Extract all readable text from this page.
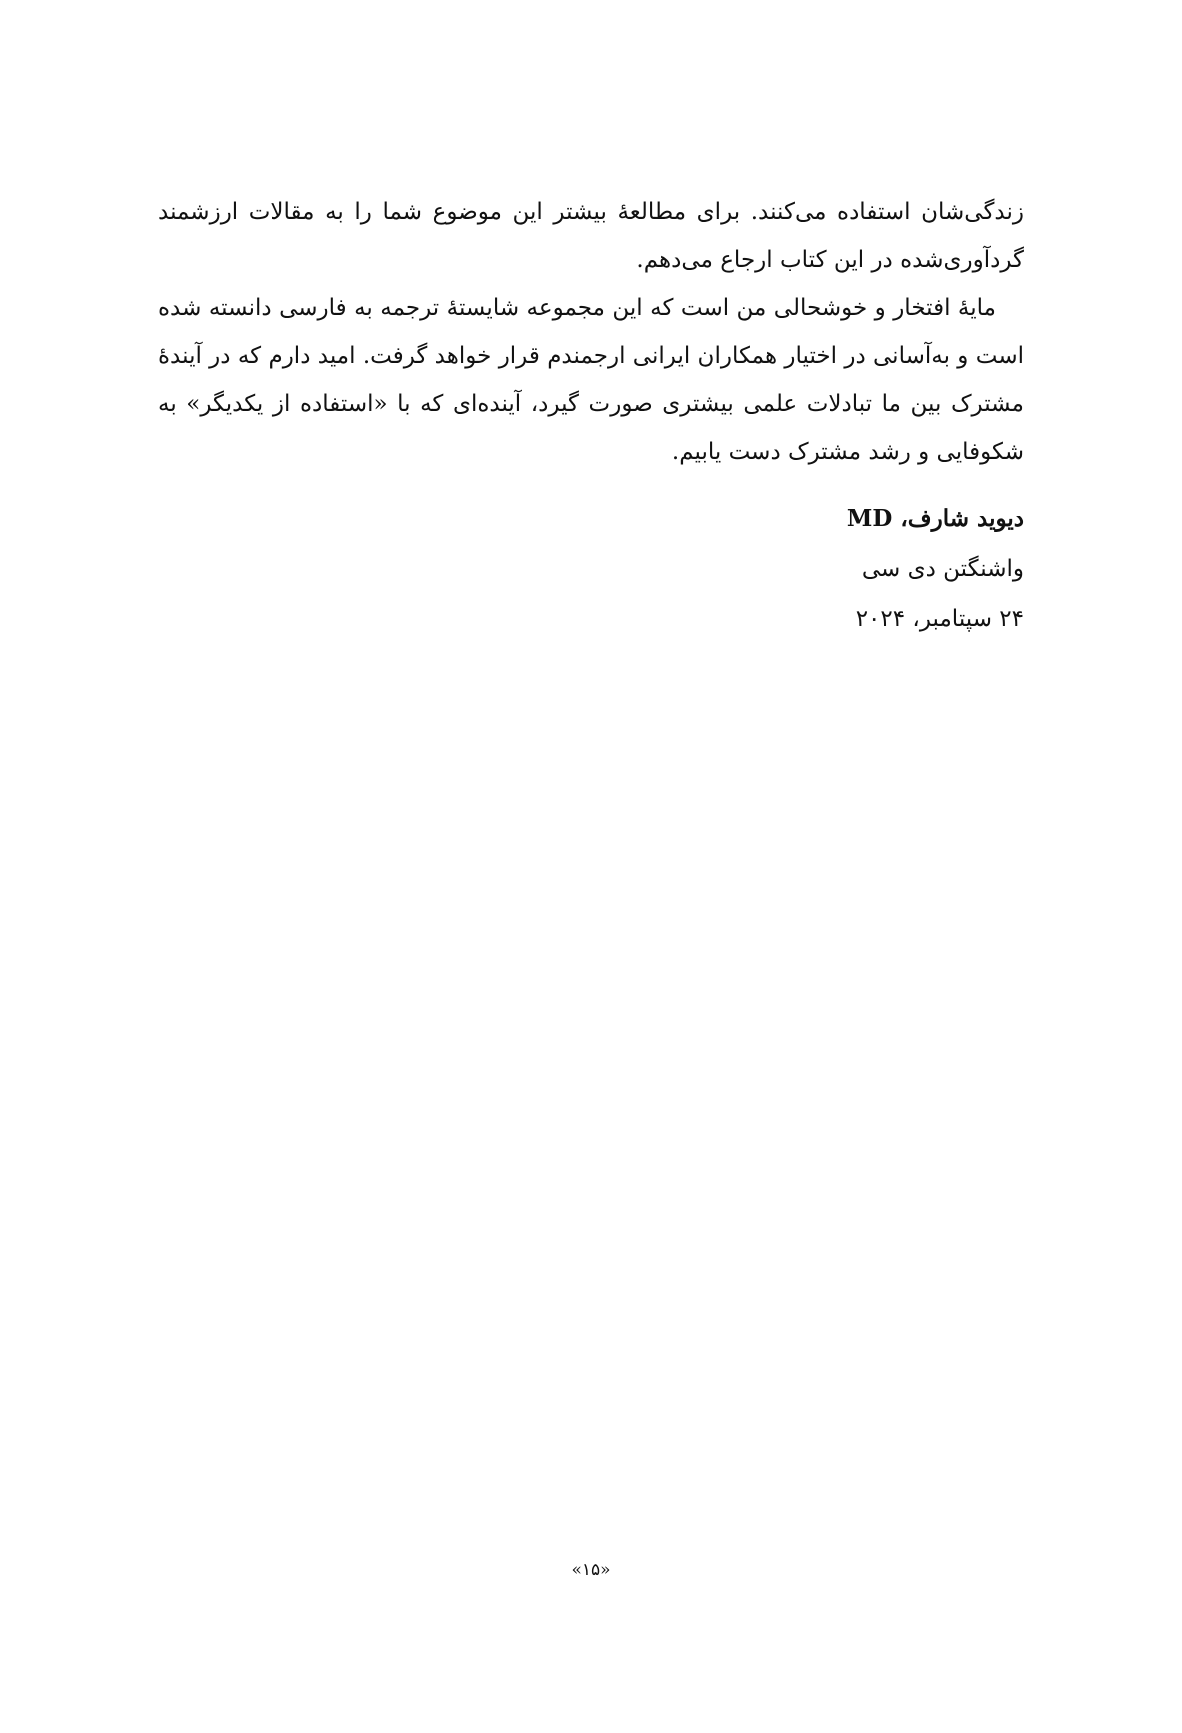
زندگی‌شان استفاده می‌کنند. برای مطالعهٔ بیشتر این موضوع شما را به مقالات ارزشمند گردآوری‌شده در این کتاب ارجاع می‌دهم.

مایهٔ افتخار و خوشحالی من است که این مجموعه شایستهٔ ترجمه به فارسی دانسته شده است و به‌آسانی در اختیار همکاران ایرانی ارجمندم قرار خواهد گرفت. امید دارم که در آیندهٔ مشترک بین ما تبادلات علمی بیشتری صورت گیرد، آینده‌ای که با «استفاده از یکدیگر» به شکوفایی و رشد مشترک دست یابیم.

دیوید شارف، MD
واشنگتن دی سی
۲۴ سپتامبر، ۲۰۲۴
«۱۵»
